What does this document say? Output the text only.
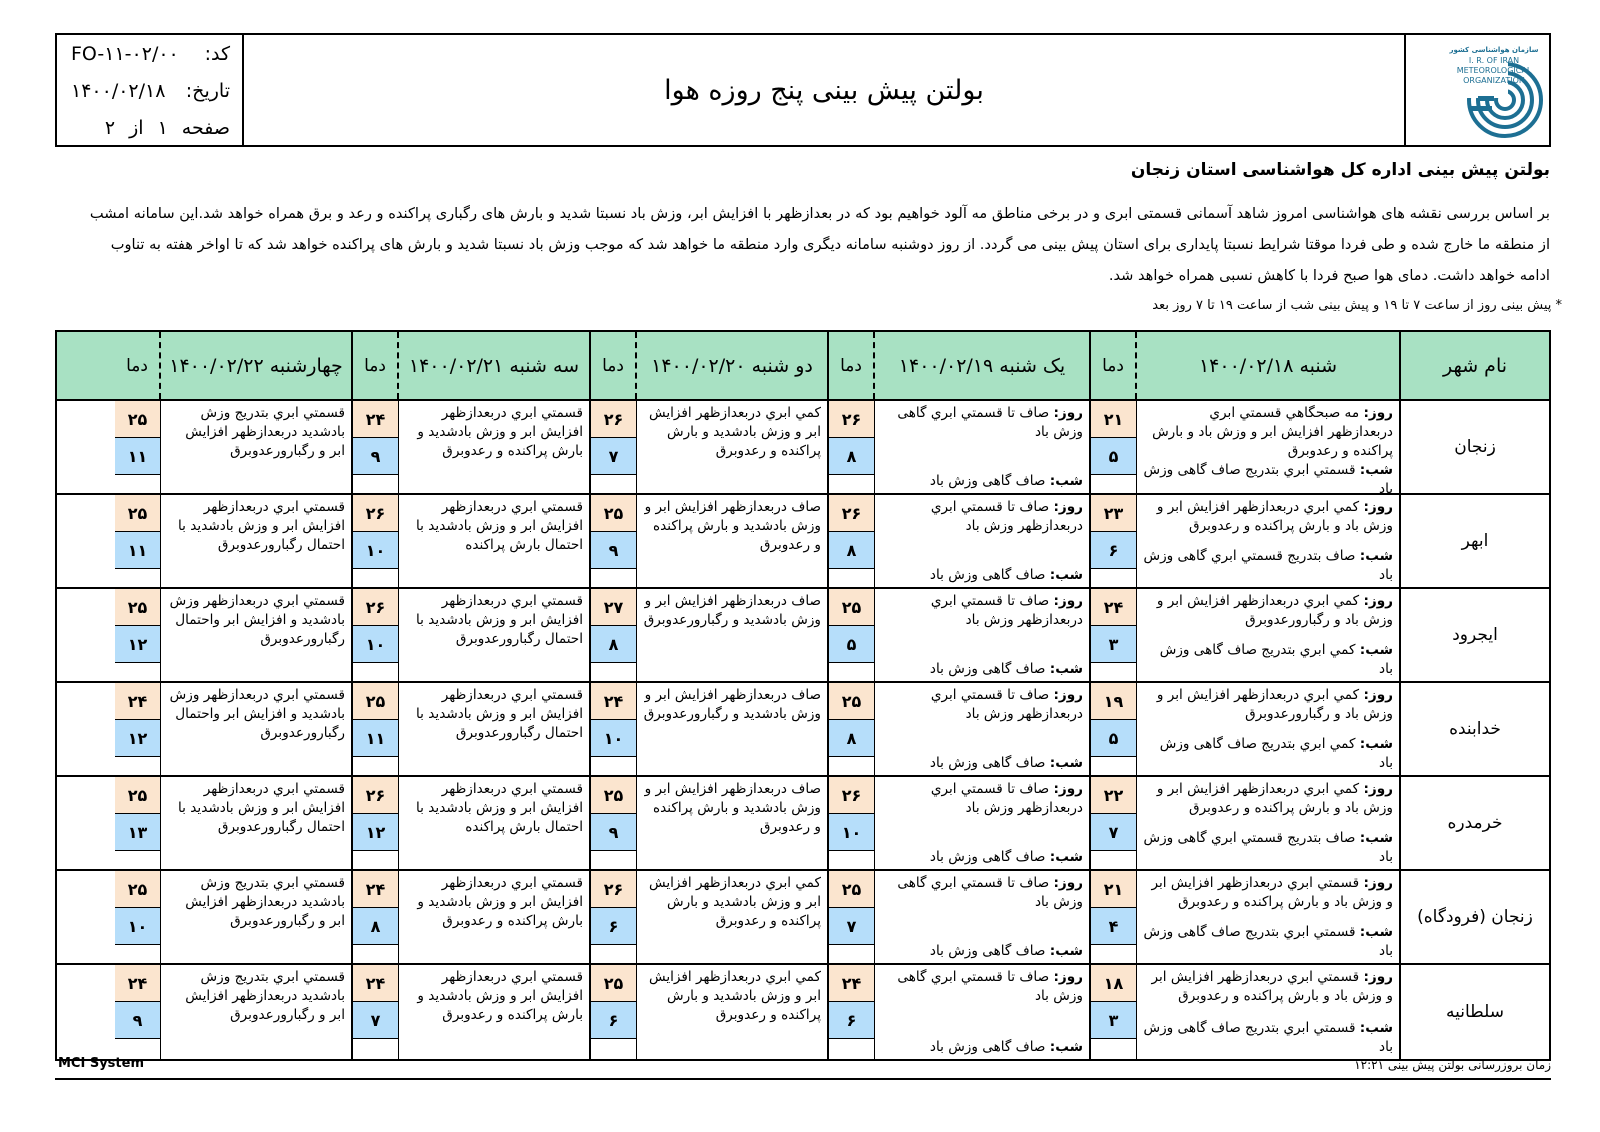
کد:
FO-۱۱-۰۲/۰۰
تاریخ:
۱۴۰۰/۰۲/۱۸
صفحه
۱
از
۲
بولتن پیش بینی پنج روزه هوا
سازمان هواشناسی کشور
I. R. OF IRAN
METEOROLOGICAL
ORGANIZATION
بولتن پیش بینی اداره کل هواشناسی استان زنجان
بر اساس بررسی نقشه های هواشناسی امروز شاهد آسمانی قسمتی ابری و در برخی مناطق مه آلود خواهیم بود که در بعدازظهر با افزایش ابر، وزش باد نسبتا شدید و بارش های رگباری پراکنده و رعد و برق همراه خواهد شد.این سامانه امشب از منطقه ما خارج شده و طی فردا موقتا شرایط نسبتا پایداری برای استان پیش بینی می گردد. از روز دوشنبه سامانه دیگری وارد منطقه ما خواهد شد که موجب وزش باد نسبتا شدید و بارش های پراکنده خواهد شد که تا اواخر هفته به تناوب ادامه خواهد داشت. دمای هوا صبح فردا با کاهش نسبی همراه خواهد شد.
* پیش بینی روز از ساعت ۷ تا ۱۹ و پیش بینی شب از ساعت ۱۹ تا ۷ روز بعد
نام شهر
شنبه ۱۴۰۰/۰۲/۱۸
دما
یک شنبه ۱۴۰۰/۰۲/۱۹
دما
دو شنبه ۱۴۰۰/۰۲/۲۰
دما
سه شنبه ۱۴۰۰/۰۲/۲۱
دما
چهارشنبه ۱۴۰۰/۰۲/۲۲
دما
زنجان
روز: مه صبحگاهي قسمتي ابري دربعدازظهر افزايش ابر و وزش باد و بارش پراکنده و رعدوبرق
شب: قسمتي ابري بتدريج صاف گاهی وزش باد
۲۱
۵
روز: صاف تا قسمتي ابري گاهی وزش باد
شب: صاف گاهی وزش باد
۲۶
۸
کمي ابري دربعدازظهر افزايش ابر و وزش بادشديد و بارش پراکنده و رعدوبرق
۲۶
۷
قسمتي ابري دربعدازظهر افزايش ابر و وزش بادشديد و بارش پراکنده و رعدوبرق
۲۴
۹
قسمتي ابري بتدريج وزش بادشديد دربعدازظهر افزايش ابر و رگبارورعدوبرق
۲۵
۱۱
ابهر
روز: کمي ابري دربعدازظهر افزايش ابر و وزش باد و بارش پراکنده و رعدوبرق
شب: صاف بتدريج قسمتي ابري گاهی وزش باد
۲۳
۶
روز: صاف تا قسمتي ابري دربعدازظهر وزش باد
شب: صاف گاهی وزش باد
۲۶
۸
صاف دربعدازظهر افزايش ابر و وزش بادشديد و بارش پراکنده و رعدوبرق
۲۵
۹
قسمتي ابري دربعدازظهر افزايش ابر و وزش بادشديد با احتمال بارش پراکنده
۲۶
۱۰
قسمتي ابري دربعدازظهر افزايش ابر و وزش بادشديد با احتمال رگبارورعدوبرق
۲۵
۱۱
ايجرود
روز: کمي ابري دربعدازظهر افزايش ابر و وزش باد و رگبارورعدوبرق
شب: کمي ابري بتدريج صاف گاهی وزش باد
۲۴
۳
روز: صاف تا قسمتي ابري دربعدازظهر وزش باد
شب: صاف گاهی وزش باد
۲۵
۵
صاف دربعدازظهر افزايش ابر و وزش بادشديد و رگبارورعدوبرق
۲۷
۸
قسمتي ابري دربعدازظهر افزايش ابر و وزش بادشديد با احتمال رگبارورعدوبرق
۲۶
۱۰
قسمتي ابري دربعدازظهر وزش بادشديد و افزايش ابر واحتمال رگبارورعدوبرق
۲۵
۱۲
خدابنده
روز: کمي ابري دربعدازظهر افزايش ابر و وزش باد و رگبارورعدوبرق
شب: کمي ابري بتدريج صاف گاهی وزش باد
۱۹
۵
روز: صاف تا قسمتي ابري دربعدازظهر وزش باد
شب: صاف گاهی وزش باد
۲۵
۸
صاف دربعدازظهر افزايش ابر و وزش بادشديد و رگبارورعدوبرق
۲۴
۱۰
قسمتي ابري دربعدازظهر افزايش ابر و وزش بادشديد با احتمال رگبارورعدوبرق
۲۵
۱۱
قسمتي ابري دربعدازظهر وزش بادشديد و افزايش ابر واحتمال رگبارورعدوبرق
۲۴
۱۲
خرمدره
روز: کمي ابري دربعدازظهر افزايش ابر و وزش باد و بارش پراکنده و رعدوبرق
شب: صاف بتدريج قسمتي ابري گاهی وزش باد
۲۲
۷
روز: صاف تا قسمتي ابري دربعدازظهر وزش باد
شب: صاف گاهی وزش باد
۲۶
۱۰
صاف دربعدازظهر افزايش ابر و وزش بادشديد و بارش پراکنده و رعدوبرق
۲۵
۹
قسمتي ابري دربعدازظهر افزايش ابر و وزش بادشديد با احتمال بارش پراکنده
۲۶
۱۲
قسمتي ابري دربعدازظهر افزايش ابر و وزش بادشديد با احتمال رگبارورعدوبرق
۲۵
۱۳
زنجان (فرودگاه)
روز: قسمتي ابري دربعدازظهر افزايش ابر و وزش باد و بارش پراکنده و رعدوبرق
شب: قسمتي ابري بتدريج صاف گاهی وزش باد
۲۱
۴
روز: صاف تا قسمتي ابري گاهی وزش باد
شب: صاف گاهی وزش باد
۲۵
۷
کمي ابري دربعدازظهر افزايش ابر و وزش بادشديد و بارش پراکنده و رعدوبرق
۲۶
۶
قسمتي ابري دربعدازظهر افزايش ابر و وزش بادشديد و بارش پراکنده و رعدوبرق
۲۴
۸
قسمتي ابري بتدريج وزش بادشديد دربعدازظهر افزايش ابر و رگبارورعدوبرق
۲۵
۱۰
سلطانيه
روز: قسمتي ابري دربعدازظهر افزايش ابر و وزش باد و بارش پراکنده و رعدوبرق
شب: قسمتي ابري بتدريج صاف گاهی وزش باد
۱۸
۳
روز: صاف تا قسمتي ابري گاهی وزش باد
شب: صاف گاهی وزش باد
۲۴
۶
کمي ابري دربعدازظهر افزايش ابر و وزش بادشديد و بارش پراکنده و رعدوبرق
۲۵
۶
قسمتي ابري دربعدازظهر افزايش ابر و وزش بادشديد و بارش پراکنده و رعدوبرق
۲۴
۷
قسمتي ابري بتدريج وزش بادشديد دربعدازظهر افزايش ابر و رگبارورعدوبرق
۲۴
۹
MCI System	زمان بروزرسانی بولتن پیش بینی ۱۲:۲۱
